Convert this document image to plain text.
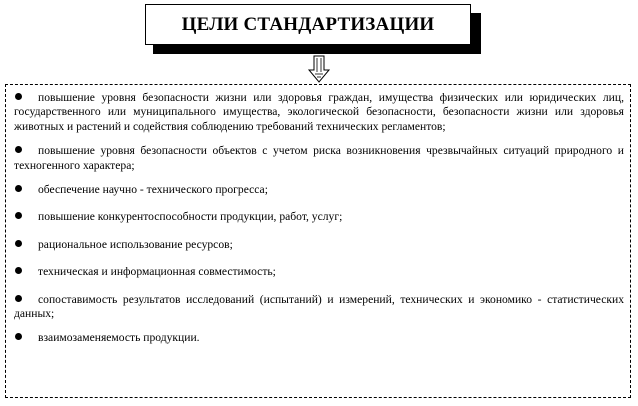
ЦЕЛИ СТАНДАРТИЗАЦИИ
повышение уровня безопасности жизни или здоровья граждан, имущества физических или юридических лиц, государственного или муниципального имущества, экологической безопасности, безопасности жизни или здоровья животных и растений и содействия соблюдению требований технических регламентов;
повышение уровня безопасности объектов с учетом риска возникновения чрезвычайных ситуаций природного и техногенного характера;
обеспечение научно - технического прогресса;
повышение конкурентоспособности продукции, работ, услуг;
рациональное использование ресурсов;
техническая и информационная совместимость;
сопоставимость результатов исследований (испытаний) и измерений, технических и экономико - статистических данных;
взаимозаменяемость продукции.
